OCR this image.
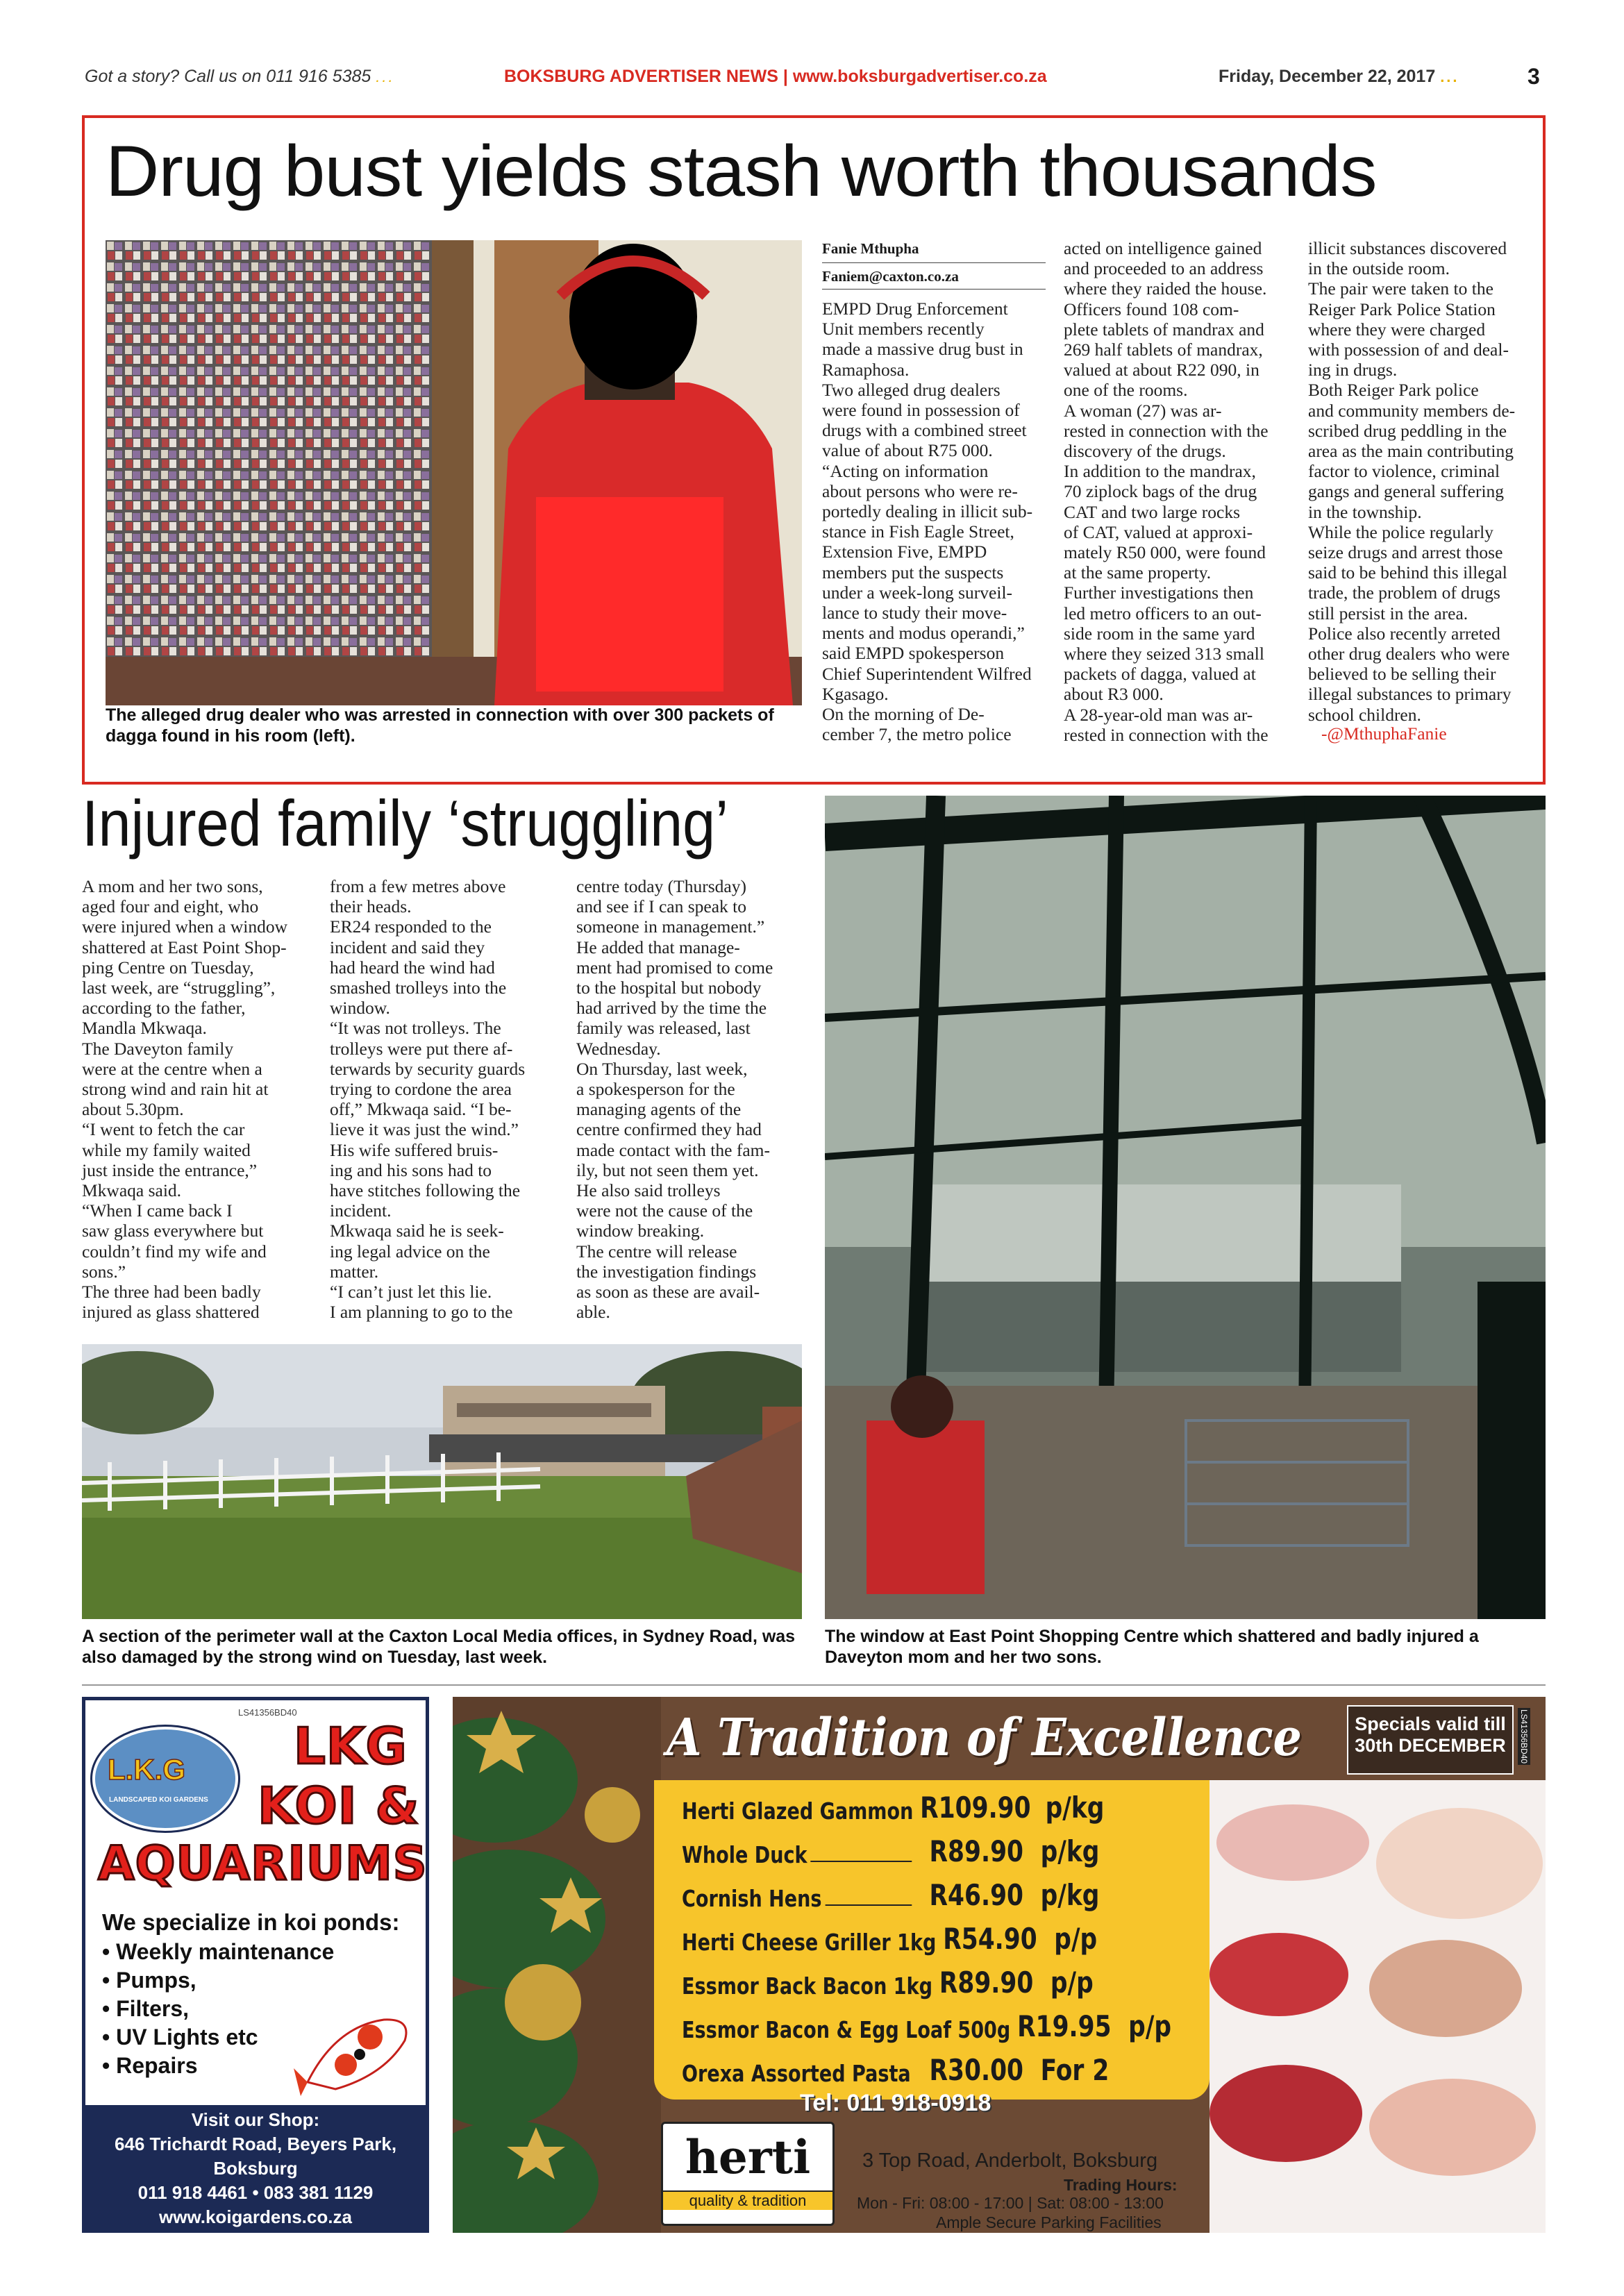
Got a story? Call us on 011 916 5385 ...	BOKSBURG ADVERTISER NEWS | www.boksburgadvertiser.co.za	Friday, December 22, 2017 ...	3
Drug bust yields stash worth thousands
The alleged drug dealer who was arrested in connection with over 300 packets of dagga found in his room (left).
Fanie Mthupha
Faniem@caxton.co.za
EMPD Drug Enforcement
Unit members recently
made a massive drug bust in
Ramaphosa.
Two alleged drug dealers
were found in possession of
drugs with a combined street
value of about R75 000.
“Acting on information
about persons who were re-
portedly dealing in illicit sub-
stance in Fish Eagle Street,
Extension Five, EMPD
members put the suspects
under a week-long surveil-
lance to study their move-
ments and modus operandi,”
said EMPD spokesperson
Chief Superintendent Wilfred
Kgasago.
On the morning of De-
cember 7, the metro police
acted on intelligence gained
and proceeded to an address
where they raided the house.
Officers found 108 com-
plete tablets of mandrax and
269 half tablets of mandrax,
valued at about R22 090, in
one of the rooms.
A woman (27) was ar-
rested in connection with the
discovery of the drugs.
In addition to the mandrax,
70 ziplock bags of the drug
CAT and two large rocks
of CAT, valued at approxi-
mately R50 000, were found
at the same property.
Further investigations then
led metro officers to an out-
side room in the same yard
where they seized 313 small
packets of dagga, valued at
about R3 000.
A 28-year-old man was ar-
rested in connection with the
illicit substances discovered
in the outside room.
The pair were taken to the
Reiger Park Police Station
where they were charged
with possession of and deal-
ing in drugs.
Both Reiger Park police
and community members de-
scribed drug peddling in the
area as the main contributing
factor to violence, criminal
gangs and general suffering
in the township.
While the police regularly
seize drugs and arrest those
said to be behind this illegal
trade, the problem of drugs
still persist in the area.
Police also recently arreted
other drug dealers who were
believed to be selling their
illegal substances to primary
school children.
-@MthuphaFanie
Injured family ‘struggling’
A mom and her two sons,
aged four and eight, who
were injured when a window
shattered at East Point Shop-
ping Centre on Tuesday,
last week, are “struggling”,
according to the father,
Mandla Mkwaqa.
The Daveyton family
were at the centre when a
strong wind and rain hit at
about 5.30pm.
“I went to fetch the car
while my family waited
just inside the entrance,”
Mkwaqa said.
“When I came back I
saw glass everywhere but
couldn’t find my wife and
sons.”
The three had been badly
injured as glass shattered
from a few metres above
their heads.
ER24 responded to the
incident and said they
had heard the wind had
smashed trolleys into the
window.
“It was not trolleys. The
trolleys were put there af-
terwards by security guards
trying to cordone the area
off,” Mkwaqa said. “I be-
lieve it was just the wind.”
His wife suffered bruis-
ing and his sons had to
have stitches following the
incident.
Mkwaqa said he is seek-
ing legal advice on the
matter.
“I can’t just let this lie.
I am planning to go to the
centre today (Thursday)
and see if I can speak to
someone in management.”
He added that manage-
ment had promised to come
to the hospital but nobody
had arrived by the time the
family was released, last
Wednesday.
On Thursday, last week,
a spokesperson for the
managing agents of the
centre confirmed they had
made contact with the fam-
ily, but not seen them yet.
He also said trolleys
were not the cause of the
window breaking.
The centre will release
the investigation findings
as soon as these are avail-
able.
A section of the perimeter wall at the Caxton Local Media offices, in Sydney Road, was also damaged by the strong wind on Tuesday, last week.
The window at East Point Shopping Centre which shattered and badly injured a Daveyton mom and her two sons.
LS41356BD40
L.K.G
LANDSCAPED KOI GARDENS
LKG
KOI &
AQUARIUMS
We specialize in koi ponds:
• Weekly maintenance
• Pumps,
• Filters,
• UV Lights etc
• Repairs
Visit our Shop:
646 Trichardt Road, Beyers Park,
Boksburg
011 918 4461 • 083 381 1129
www.koigardens.co.za
A Tradition of Excellence	Specials valid till
30th DECEMBER	LS41356BD40
Herti Glazed Gammon R109.90 p/kg
Whole Duck	R89.90 p/kg
Cornish Hens	R46.90 p/kg
Herti Cheese Griller 1kg R54.90 p/p
Essmor Back Bacon 1kg R89.90 p/p
Essmor Bacon & Egg Loaf 500g R19.95 p/p
Orexa Assorted Pasta R30.00 For 2
Tel: 011 918-0918
herti
quality & tradition
3 Top Road, Anderbolt, Boksburg
Trading Hours:
Mon - Fri: 08:00 - 17:00 | Sat: 08:00 - 13:00
Ample Secure Parking Facilities
